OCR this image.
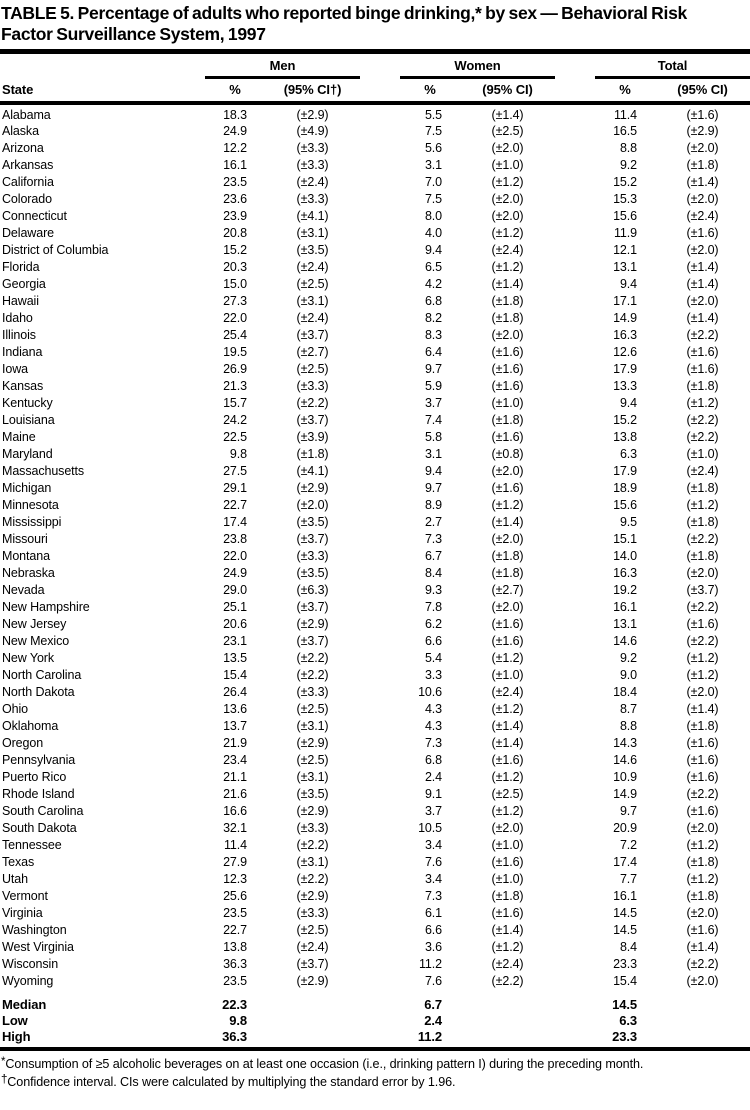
TABLE 5. Percentage of adults who reported binge drinking,* by sex — Behavioral Risk
Factor Surveillance System, 1997
	Men			Women			Total	
State	%	(95% CI†)		%	(95% CI)		%	(95% CI)
Alabama	18.3	(±2.9)		5.5	(±1.4)		11.4	(±1.6)
Alaska	24.9	(±4.9)		7.5	(±2.5)		16.5	(±2.9)
Arizona	12.2	(±3.3)		5.6	(±2.0)		8.8	(±2.0)
Arkansas	16.1	(±3.3)		3.1	(±1.0)		9.2	(±1.8)
California	23.5	(±2.4)		7.0	(±1.2)		15.2	(±1.4)
Colorado	23.6	(±3.3)		7.5	(±2.0)		15.3	(±2.0)
Connecticut	23.9	(±4.1)		8.0	(±2.0)		15.6	(±2.4)
Delaware	20.8	(±3.1)		4.0	(±1.2)		11.9	(±1.6)
District of Columbia	15.2	(±3.5)		9.4	(±2.4)		12.1	(±2.0)
Florida	20.3	(±2.4)		6.5	(±1.2)		13.1	(±1.4)
Georgia	15.0	(±2.5)		4.2	(±1.4)		9.4	(±1.4)
Hawaii	27.3	(±3.1)		6.8	(±1.8)		17.1	(±2.0)
Idaho	22.0	(±2.4)		8.2	(±1.8)		14.9	(±1.4)
Illinois	25.4	(±3.7)		8.3	(±2.0)		16.3	(±2.2)
Indiana	19.5	(±2.7)		6.4	(±1.6)		12.6	(±1.6)
Iowa	26.9	(±2.5)		9.7	(±1.6)		17.9	(±1.6)
Kansas	21.3	(±3.3)		5.9	(±1.6)		13.3	(±1.8)
Kentucky	15.7	(±2.2)		3.7	(±1.0)		9.4	(±1.2)
Louisiana	24.2	(±3.7)		7.4	(±1.8)		15.2	(±2.2)
Maine	22.5	(±3.9)		5.8	(±1.6)		13.8	(±2.2)
Maryland	9.8	(±1.8)		3.1	(±0.8)		6.3	(±1.0)
Massachusetts	27.5	(±4.1)		9.4	(±2.0)		17.9	(±2.4)
Michigan	29.1	(±2.9)		9.7	(±1.6)		18.9	(±1.8)
Minnesota	22.7	(±2.0)		8.9	(±1.2)		15.6	(±1.2)
Mississippi	17.4	(±3.5)		2.7	(±1.4)		9.5	(±1.8)
Missouri	23.8	(±3.7)		7.3	(±2.0)		15.1	(±2.2)
Montana	22.0	(±3.3)		6.7	(±1.8)		14.0	(±1.8)
Nebraska	24.9	(±3.5)		8.4	(±1.8)		16.3	(±2.0)
Nevada	29.0	(±6.3)		9.3	(±2.7)		19.2	(±3.7)
New Hampshire	25.1	(±3.7)		7.8	(±2.0)		16.1	(±2.2)
New Jersey	20.6	(±2.9)		6.2	(±1.6)		13.1	(±1.6)
New Mexico	23.1	(±3.7)		6.6	(±1.6)		14.6	(±2.2)
New York	13.5	(±2.2)		5.4	(±1.2)		9.2	(±1.2)
North Carolina	15.4	(±2.2)		3.3	(±1.0)		9.0	(±1.2)
North Dakota	26.4	(±3.3)		10.6	(±2.4)		18.4	(±2.0)
Ohio	13.6	(±2.5)		4.3	(±1.2)		8.7	(±1.4)
Oklahoma	13.7	(±3.1)		4.3	(±1.4)		8.8	(±1.8)
Oregon	21.9	(±2.9)		7.3	(±1.4)		14.3	(±1.6)
Pennsylvania	23.4	(±2.5)		6.8	(±1.6)		14.6	(±1.6)
Puerto Rico	21.1	(±3.1)		2.4	(±1.2)		10.9	(±1.6)
Rhode Island	21.6	(±3.5)		9.1	(±2.5)		14.9	(±2.2)
South Carolina	16.6	(±2.9)		3.7	(±1.2)		9.7	(±1.6)
South Dakota	32.1	(±3.3)		10.5	(±2.0)		20.9	(±2.0)
Tennessee	11.4	(±2.2)		3.4	(±1.0)		7.2	(±1.2)
Texas	27.9	(±3.1)		7.6	(±1.6)		17.4	(±1.8)
Utah	12.3	(±2.2)		3.4	(±1.0)		7.7	(±1.2)
Vermont	25.6	(±2.9)		7.3	(±1.8)		16.1	(±1.8)
Virginia	23.5	(±3.3)		6.1	(±1.6)		14.5	(±2.0)
Washington	22.7	(±2.5)		6.6	(±1.4)		14.5	(±1.6)
West Virginia	13.8	(±2.4)		3.6	(±1.2)		8.4	(±1.4)
Wisconsin	36.3	(±3.7)		11.2	(±2.4)		23.3	(±2.2)
Wyoming	23.5	(±2.9)		7.6	(±2.2)		15.4	(±2.0)
Median	22.3			6.7			14.5	
Low	9.8			2.4			6.3	
High	36.3			11.2			23.3	

*Consumption of ≥5 alcoholic beverages on at least one occasion (i.e., drinking pattern I) during the preceding month.

†Confidence interval. CIs were calculated by multiplying the standard error by 1.96.
